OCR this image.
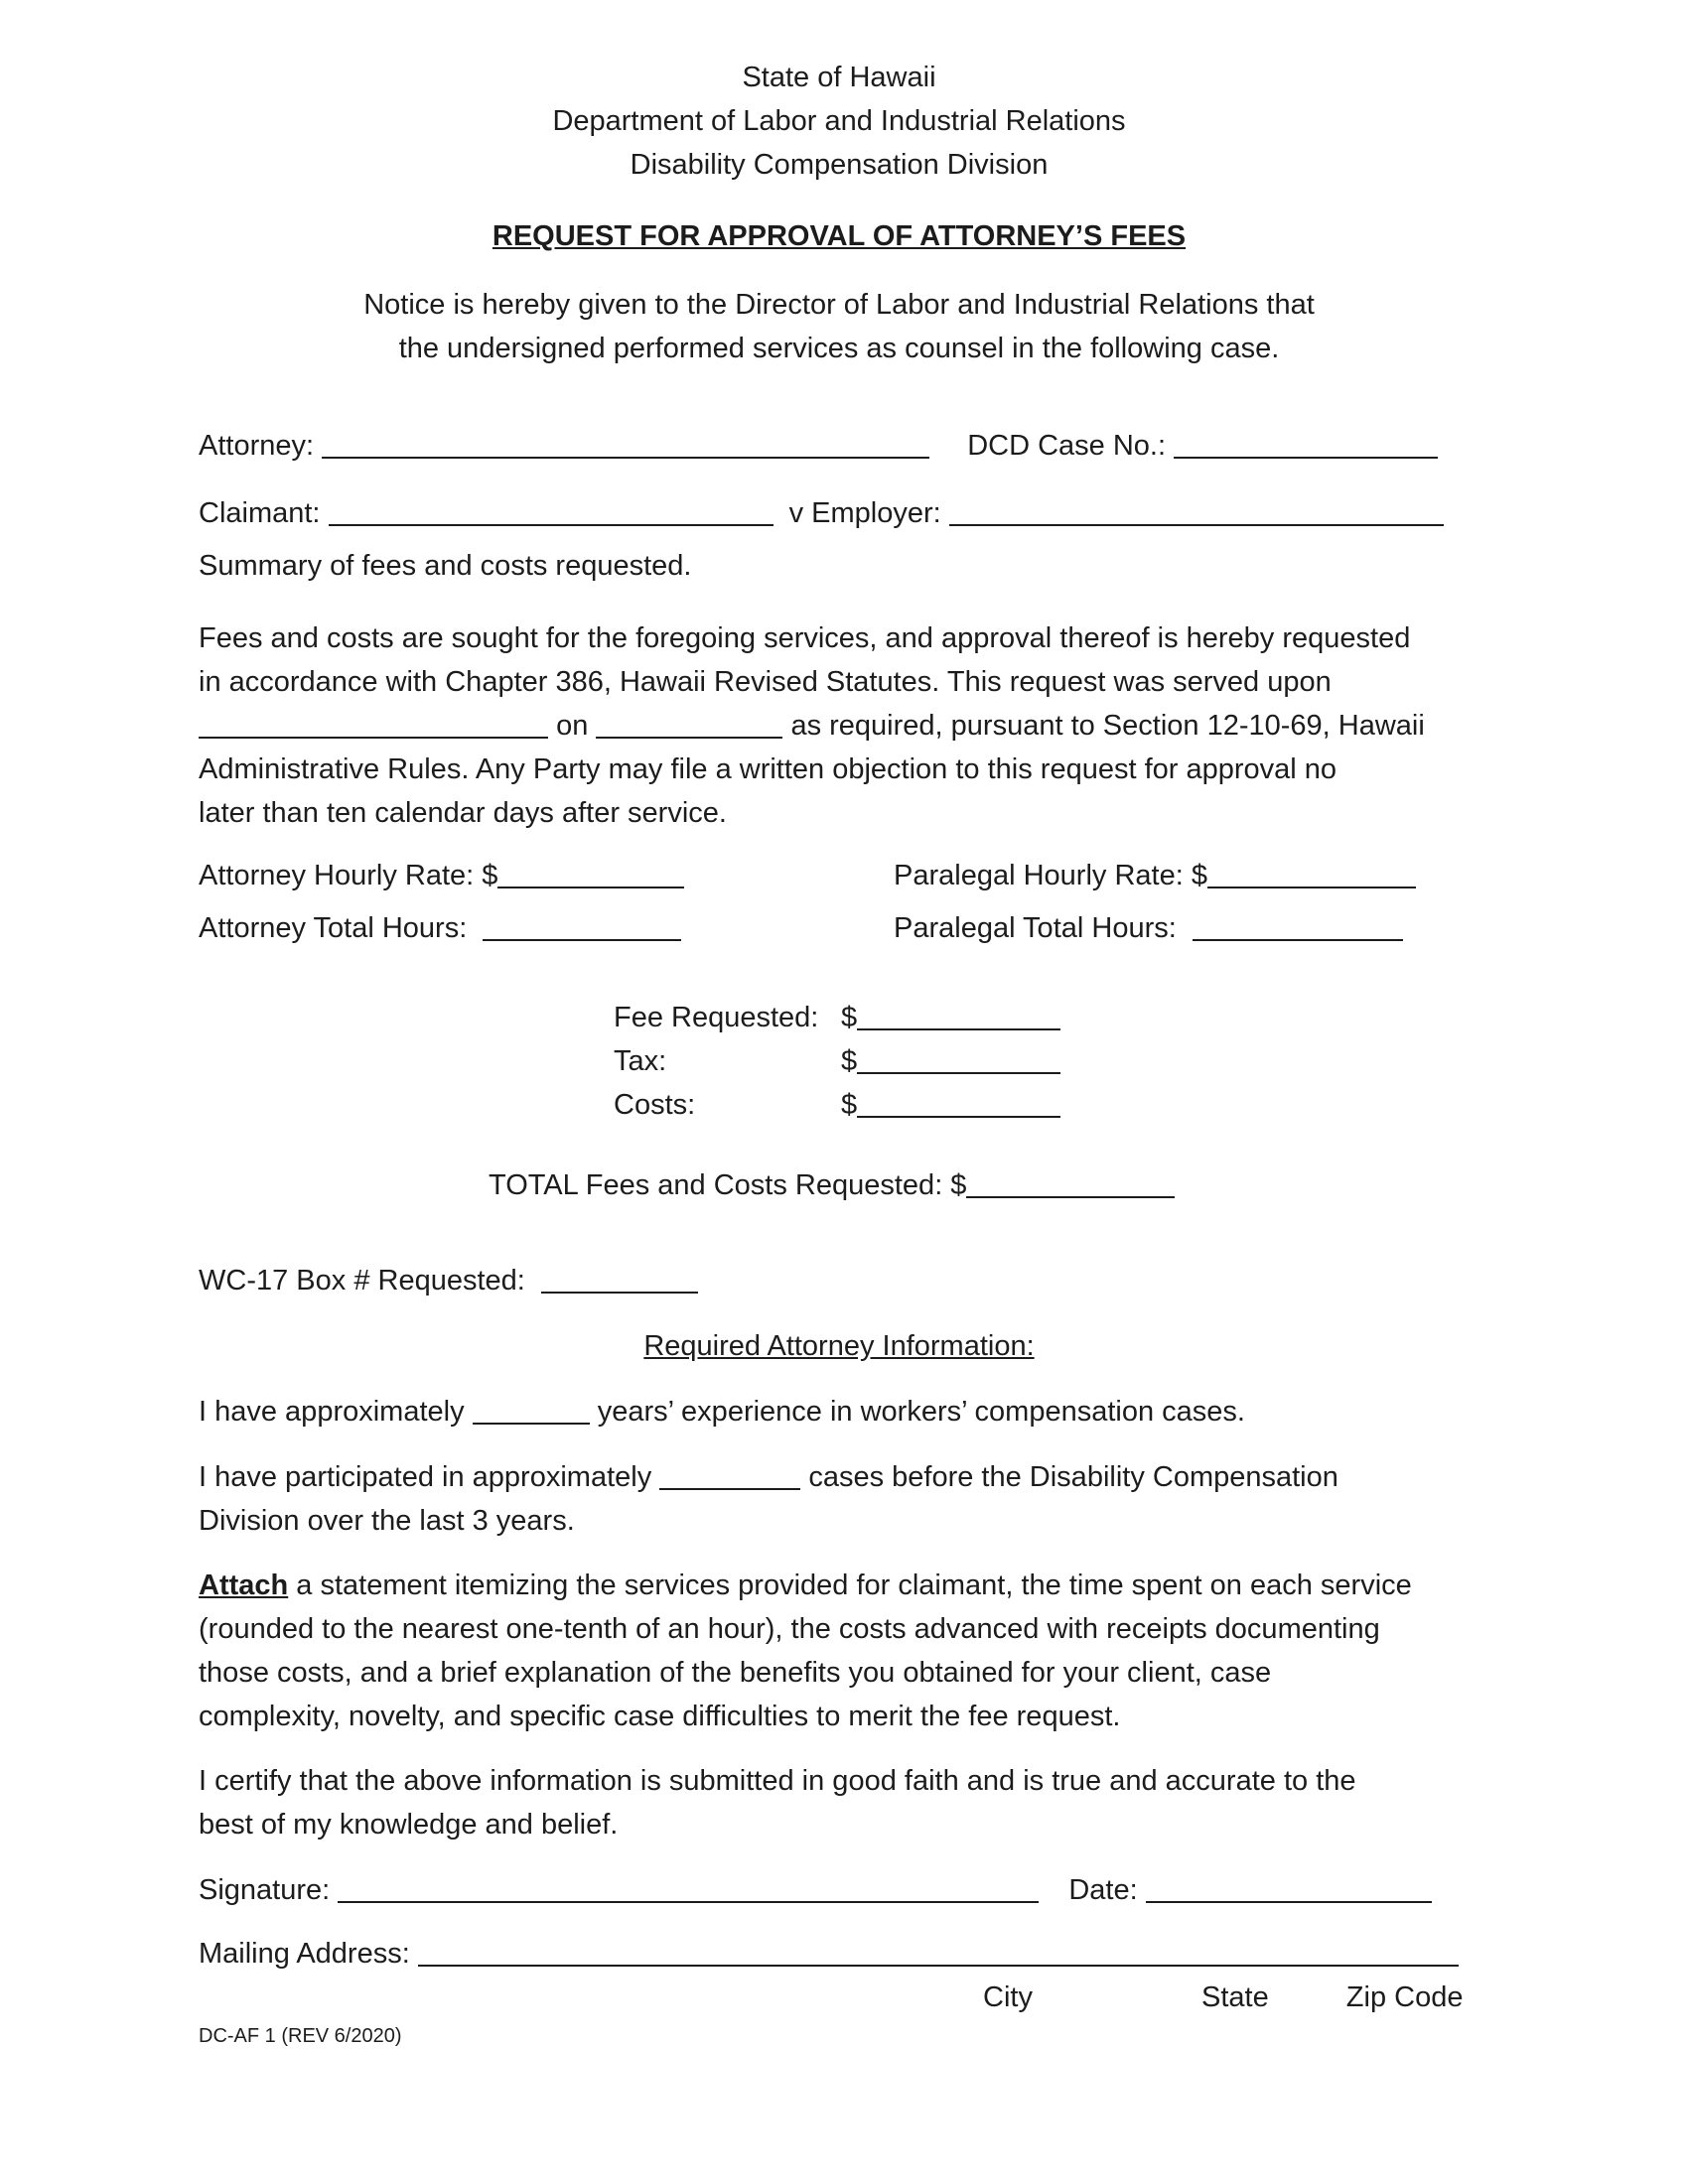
State of Hawaii
Department of Labor and Industrial Relations
Disability Compensation Division
REQUEST FOR APPROVAL OF ATTORNEY’S FEES
Notice is hereby given to the Director of Labor and Industrial Relations that
the undersigned performed services as counsel in the following case.
Attorney:	DCD Case No.:
Claimant:	v Employer:
Summary of fees and costs requested.
Fees and costs are sought for the foregoing services, and approval thereof is hereby requested
in accordance with Chapter 386, Hawaii Revised Statutes. This request was served upon
on	as required, pursuant to Section 12-10-69, Hawaii
Administrative Rules. Any Party may file a written objection to this request for approval no
later than ten calendar days after service.
Attorney Hourly Rate: $	Paralegal Hourly Rate: $
Attorney Total Hours:	Paralegal Total Hours:
Fee Requested: $
Tax:	$
Costs:	$
TOTAL Fees and Costs Requested: $
WC-17 Box # Requested:
Required Attorney Information:
I have approximately	years’ experience in workers’ compensation cases.
I have participated in approximately	cases before the Disability Compensation
Division over the last 3 years.
Attach a statement itemizing the services provided for claimant, the time spent on each service
(rounded to the nearest one-tenth of an hour), the costs advanced with receipts documenting
those costs, and a brief explanation of the benefits you obtained for your client, case
complexity, novelty, and specific case difficulties to merit the fee request.
I certify that the above information is submitted in good faith and is true and accurate to the
best of my knowledge and belief.
Signature:	Date:
Mailing Address:
City	State	Zip Code
DC-AF 1 (REV 6/2020)
